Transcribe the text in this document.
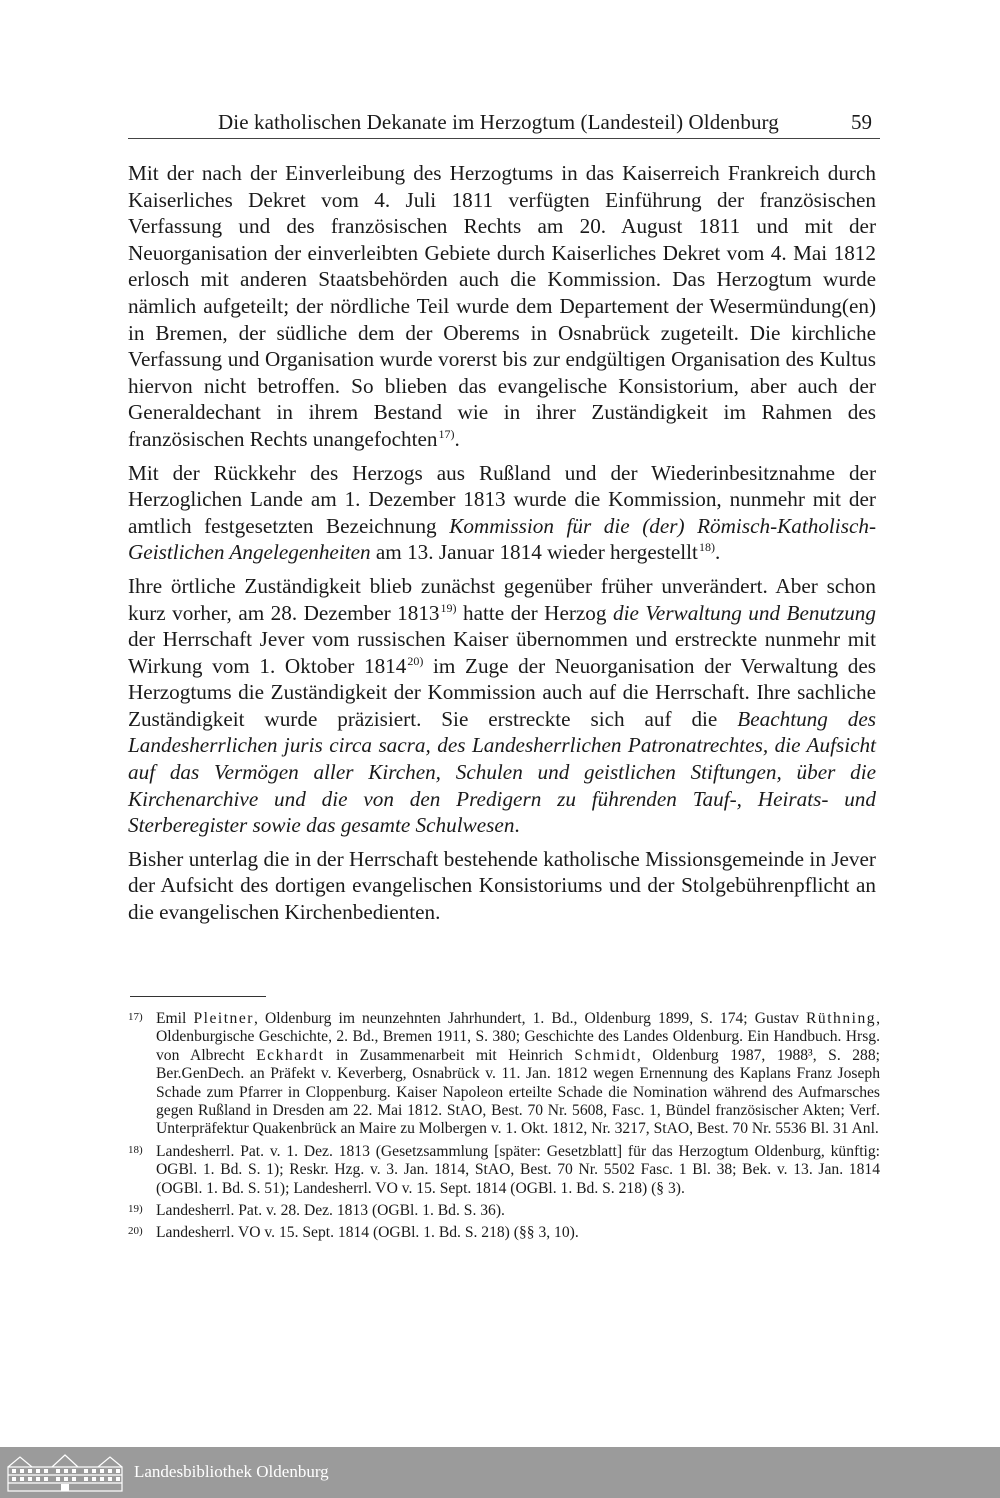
Die katholischen Dekanate im Herzogtum (Landesteil) Oldenburg	59

Mit der nach der Einverleibung des Herzogtums in das Kaiserreich Frankreich durch Kaiserliches Dekret vom 4. Juli 1811 verfügten Einführung der französischen Verfassung und des französischen Rechts am 20. August 1811 und mit der Neuorganisation der einverleibten Gebiete durch Kaiserliches Dekret vom 4. Mai 1812 erlosch mit anderen Staatsbehörden auch die Kommission. Das Herzogtum wurde nämlich aufgeteilt; der nördliche Teil wurde dem Departement der Wesermündung(en) in Bremen, der südliche dem der Oberems in Osnabrück zugeteilt. Die kirchliche Verfassung und Organisation wurde vorerst bis zur endgültigen Organisation des Kultus hiervon nicht betroffen. So blieben das evangelische Konsistorium, aber auch der Generaldechant in ihrem Bestand wie in ihrer Zuständigkeit im Rahmen des französischen Rechts unangefochten$^{17)}$.

Mit der Rückkehr des Herzogs aus Rußland und der Wiederinbesitznahme der Herzoglichen Lande am 1. Dezember 1813 wurde die Kommission, nunmehr mit der amtlich festgesetzten Bezeichnung Kommission für die (der) Römisch-Katholisch-Geistlichen Angelegenheiten am 13. Januar 1814 wieder hergestellt$^{18)}$.

Ihre örtliche Zuständigkeit blieb zunächst gegenüber früher unverändert. Aber schon kurz vorher, am 28. Dezember 1813$^{19)}$ hatte der Herzog die Verwaltung und Benutzung der Herrschaft Jever vom russischen Kaiser übernommen und erstreckte nunmehr mit Wirkung vom 1. Oktober 1814$^{20)}$ im Zuge der Neuorganisation der Verwaltung des Herzogtums die Zuständigkeit der Kommission auch auf die Herrschaft. Ihre sachliche Zuständigkeit wurde präzisiert. Sie erstreckte sich auf die Beachtung des Landesherrlichen juris circa sacra, des Landesherrlichen Patronatrechtes, die Aufsicht auf das Vermögen aller Kirchen, Schulen und geistlichen Stiftungen, über die Kirchenarchive und die von den Predigern zu führenden Tauf-, Heirats- und Sterberegister sowie das gesamte Schulwesen.

Bisher unterlag die in der Herrschaft bestehende katholische Missionsgemeinde in Jever der Aufsicht des dortigen evangelischen Konsistoriums und der Stolgebührenpflicht an die evangelischen Kirchenbedienten.

17) Emil Pleitner, Oldenburg im neunzehnten Jahrhundert, 1. Bd., Oldenburg 1899, S. 174; Gustav Rüthning, Oldenburgische Geschichte, 2. Bd., Bremen 1911, S. 380; Geschichte des Landes Oldenburg. Ein Handbuch. Hrsg. von Albrecht Eckhardt in Zusammenarbeit mit Heinrich Schmidt, Oldenburg 1987, 1988³, S. 288; Ber.GenDech. an Präfekt v. Keverberg, Osnabrück v. 11. Jan. 1812 wegen Ernennung des Kaplans Franz Joseph Schade zum Pfarrer in Cloppenburg. Kaiser Napoleon erteilte Schade die Nomination während des Aufmarsches gegen Rußland in Dresden am 22. Mai 1812. StAO, Best. 70 Nr. 5608, Fasc. 1, Bündel französischer Akten; Verf. Unterpräfektur Quakenbrück an Maire zu Molbergen v. 1. Okt. 1812, Nr. 3217, StAO, Best. 70 Nr. 5536 Bl. 31 Anl.
18) Landesherrl. Pat. v. 1. Dez. 1813 (Gesetzsammlung [später: Gesetzblatt] für das Herzogtum Oldenburg, künftig: OGBl. 1. Bd. S. 1); Reskr. Hzg. v. 3. Jan. 1814, StAO, Best. 70 Nr. 5502 Fasc. 1 Bl. 38; Bek. v. 13. Jan. 1814 (OGBl. 1. Bd. S. 51); Landesherrl. VO v. 15. Sept. 1814 (OGBl. 1. Bd. S. 218) (§ 3).
19) Landesherrl. Pat. v. 28. Dez. 1813 (OGBl. 1. Bd. S. 36).
20) Landesherrl. VO v. 15. Sept. 1814 (OGBl. 1. Bd. S. 218) (§§ 3, 10).
Landesbibliothek Oldenburg
